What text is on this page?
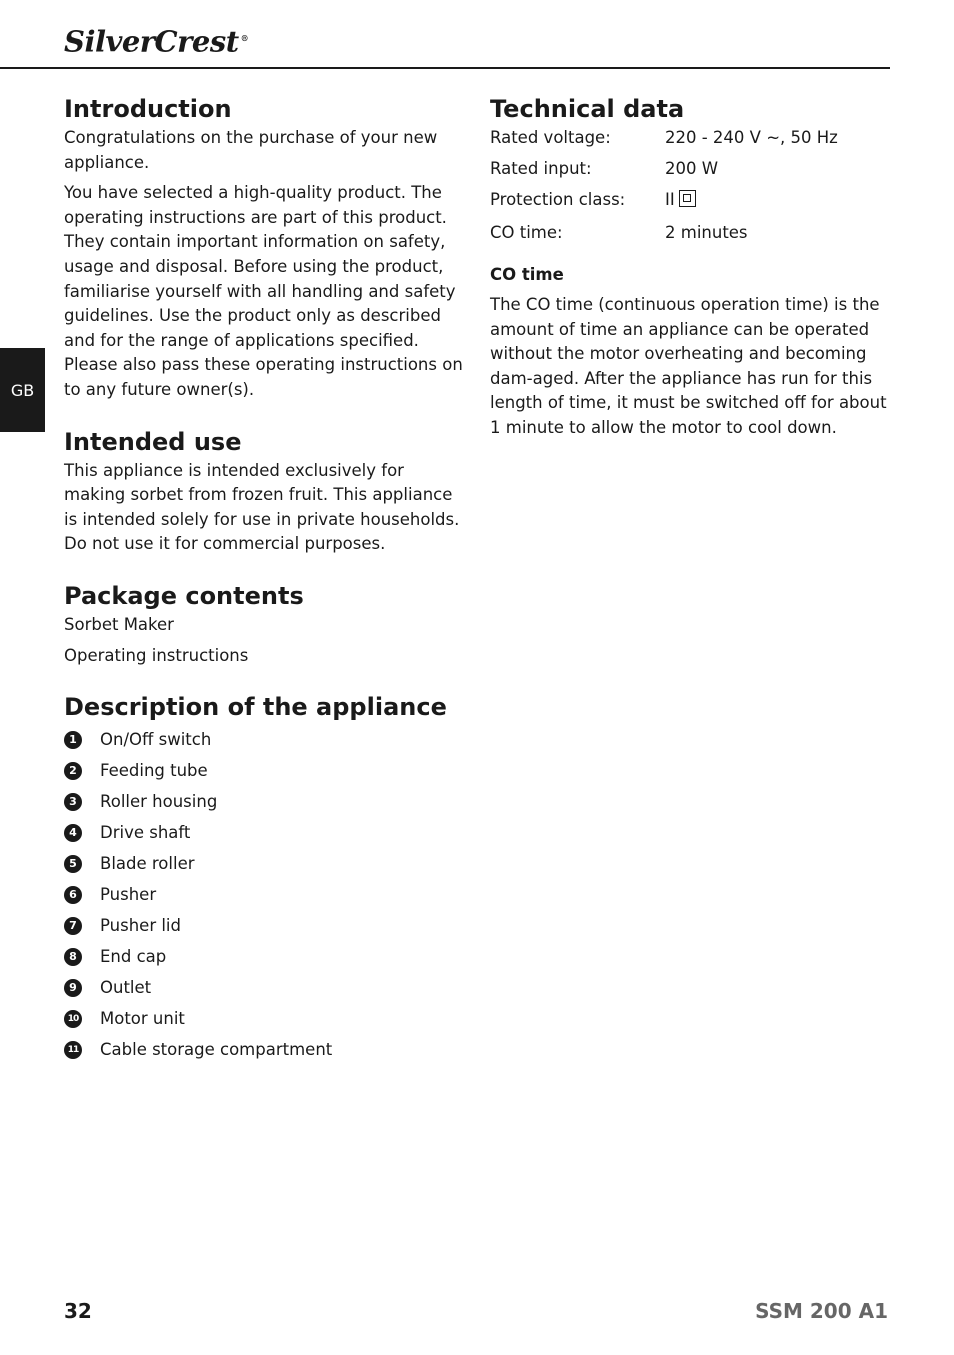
SilverCrest ®
GB
Introduction

Congratulations on the purchase of your new appliance.

You have selected a high-quality product. The operating instructions are part of this product. They contain important information on safety, usage and disposal. Before using the product, familiarise yourself with all handling and safety guidelines. Use the product only as described and for the range of applications specified. Please also pass these operating instructions on to any future owner(s).

Intended use

This appliance is intended exclusively for making sorbet from frozen fruit. This appliance is intended solely for use in private households. Do not use it for commercial purposes.

Package contents

Sorbet Maker

Operating instructions

Description of the appliance
1	On/Off switch
2	Feeding tube
3	Roller housing
4	Drive shaft
5	Blade roller
6	Pusher
7	Pusher lid
8	End cap
9	Outlet
10 Motor unit
11 Cable storage compartment
Technical data
Rated voltage:	220 - 240 V ~, 50 Hz
Rated input:	200 W
Protection class:	II
CO time:	2 minutes
CO time

The CO time (continuous operation time) is the amount of time an appliance can be operated without the motor overheating and becoming dam-aged. After the appliance has run for this length of time, it must be switched off for about 1 minute to allow the motor to cool down.

32	SSM 200 A1
